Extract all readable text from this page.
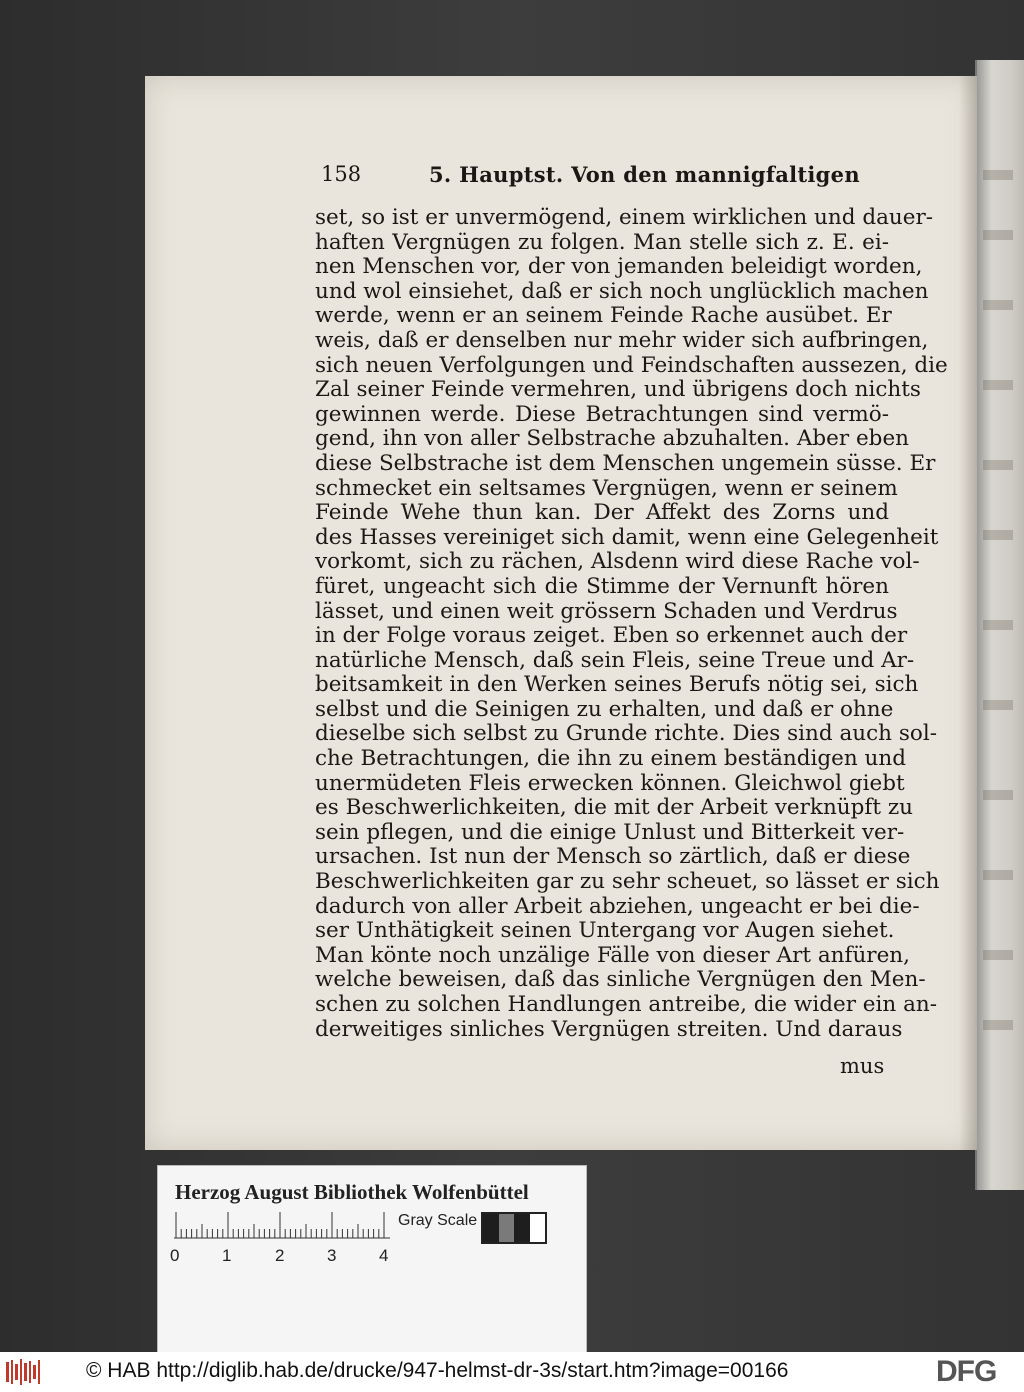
158	5. Hauptst. Von den mannigfaltigen
set, so ist er unvermögend, einem wirklichen und dauer-
haften Vergnügen zu folgen. Man stelle sich z. E. ei-
nen Menschen vor, der von jemanden beleidigt worden,
und wol einsiehet, daß er sich noch unglücklich machen
werde, wenn er an seinem Feinde Rache ausübet. Er
weis, daß er denselben nur mehr wider sich aufbringen,
sich neuen Verfolgungen und Feindschaften aussezen, die
Zal seiner Feinde vermehren, und übrigens doch nichts
gewinnen werde. Diese Betrachtungen sind vermö-
gend, ihn von aller Selbstrache abzuhalten. Aber eben
diese Selbstrache ist dem Menschen ungemein süsse. Er
schmecket ein seltsames Vergnügen, wenn er seinem
Feinde Wehe thun kan. Der Affekt des Zorns und
des Hasses vereiniget sich damit, wenn eine Gelegenheit
vorkomt, sich zu rächen, Alsdenn wird diese Rache vol-
füret, ungeacht sich die Stimme der Vernunft hören
lässet, und einen weit grössern Schaden und Verdrus
in der Folge voraus zeiget. Eben so erkennet auch der
natürliche Mensch, daß sein Fleis, seine Treue und Ar-
beitsamkeit in den Werken seines Berufs nötig sei, sich
selbst und die Seinigen zu erhalten, und daß er ohne
dieselbe sich selbst zu Grunde richte. Dies sind auch sol-
che Betrachtungen, die ihn zu einem beständigen und
unermüdeten Fleis erwecken können. Gleichwol giebt
es Beschwerlichkeiten, die mit der Arbeit verknüpft zu
sein pflegen, und die einige Unlust und Bitterkeit ver-
ursachen. Ist nun der Mensch so zärtlich, daß er diese
Beschwerlichkeiten gar zu sehr scheuet, so lässet er sich
dadurch von aller Arbeit abziehen, ungeacht er bei die-
ser Unthätigkeit seinen Untergang vor Augen siehet.
Man könte noch unzälige Fälle von dieser Art anfüren,
welche beweisen, daß das sinliche Vergnügen den Men-
schen zu solchen Handlungen antreibe, die wider ein an-
derweitiges sinliches Vergnügen streiten. Und daraus
mus
Herzog August Bibliothek Wolfenbüttel
0	1	2	3	4
Gray Scale
© HAB http://diglib.hab.de/drucke/947-helmst-dr-3s/start.htm?image=00166	DFG
